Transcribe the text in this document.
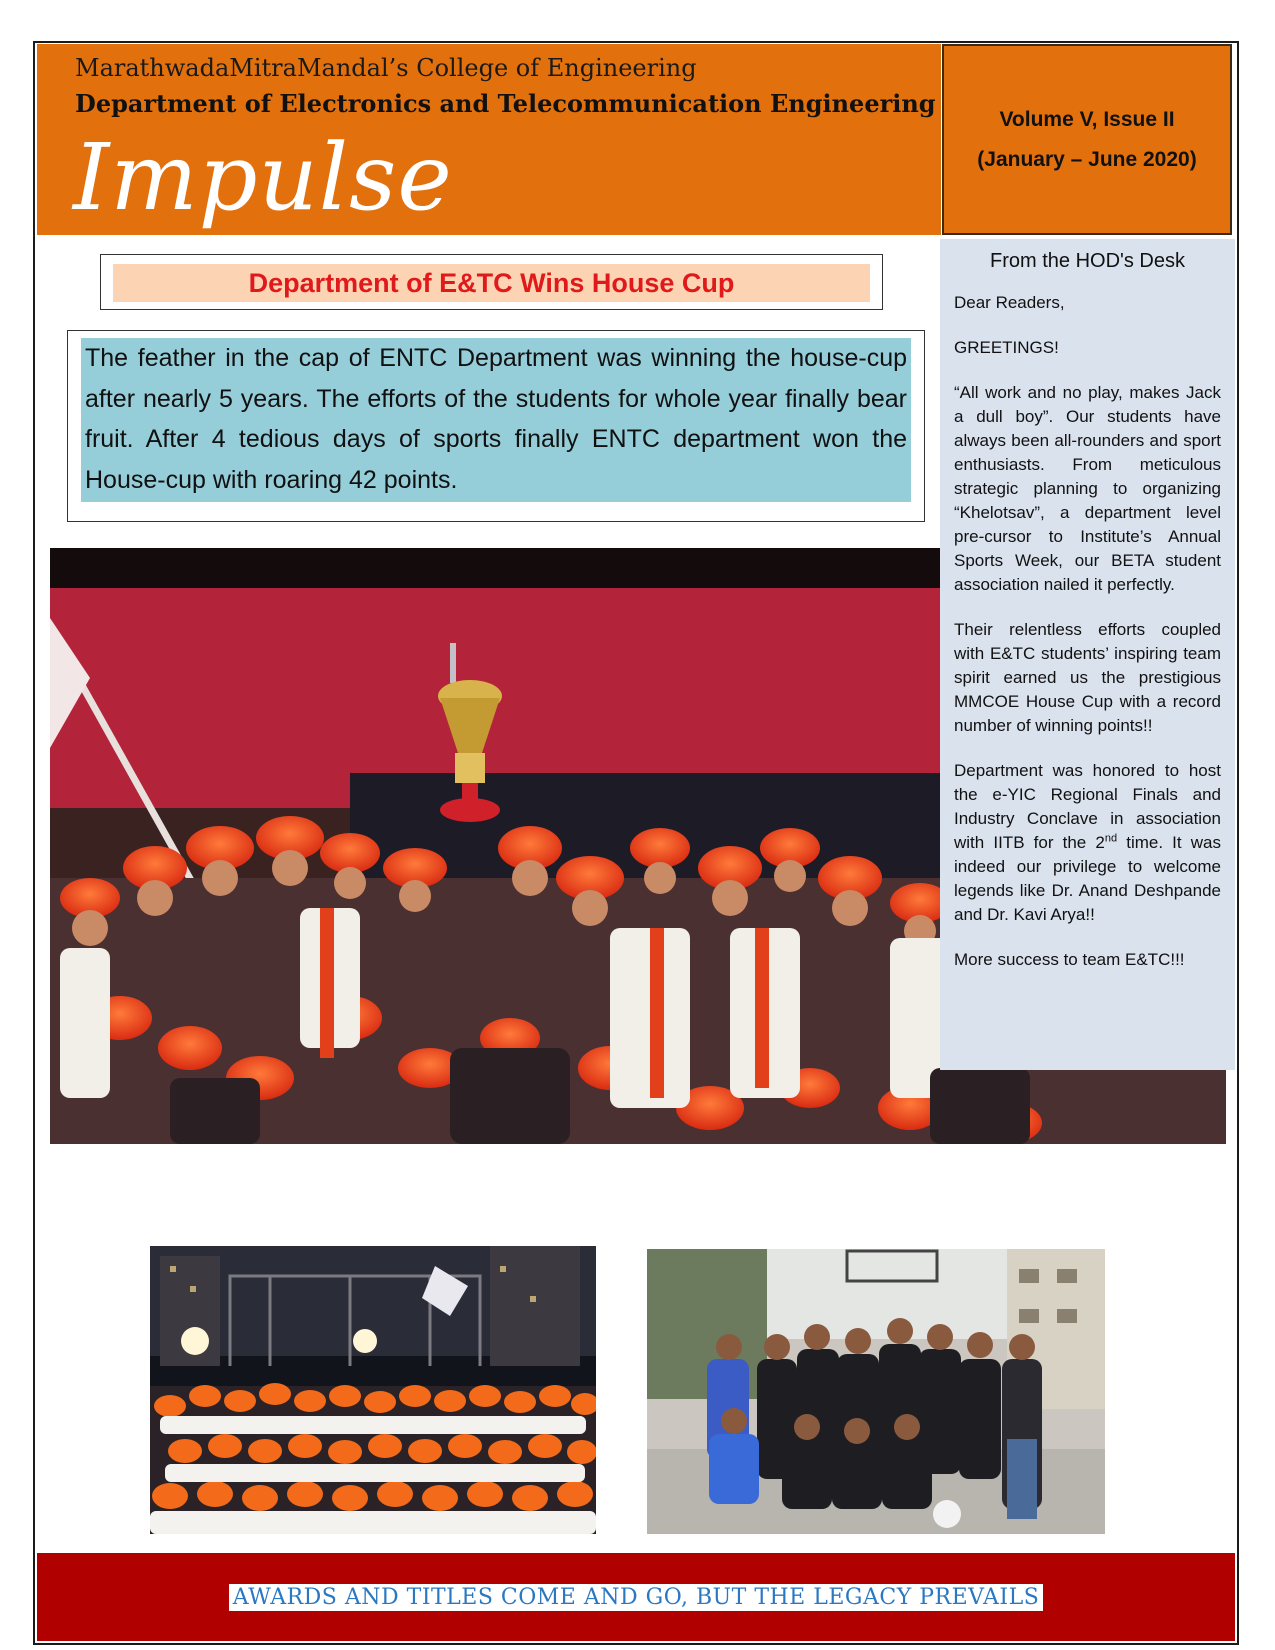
MarathwadaMitraMandal’s College of Engineering
Department of Electronics and Telecommunication Engineering
Impulse
Volume V, Issue II
(January – June 2020)
Department of E&TC Wins House Cup
The feather in the cap of ENTC Department was winning the house-cup after nearly 5 years. The efforts of the students for whole year finally bear fruit. After 4 tedious days of sports finally ENTC department won the House-cup with roaring 42 points.
From the HOD's Desk

Dear Readers,

GREETINGS!

“All work and no play, makes Jack a dull boy”. Our students have always been all-rounders and sport enthusiasts. From meticulous strategic planning to organizing “Khelotsav”, a department level pre-cursor to Institute’s Annual Sports Week, our BETA student association nailed it perfectly.

Their relentless efforts coupled with E&TC students’ inspiring team spirit earned us the prestigious MMCOE House Cup with a record number of winning points!!

Department was honored to host the e-YIC Regional Finals and Industry Conclave in association with IITB for the 2nd time. It was indeed our privilege to welcome legends like Dr. Anand Deshpande and Dr. Kavi Arya!!

More success to team E&TC!!!

AWARDS AND TITLES COME AND GO, BUT THE LEGACY PREVAILS
